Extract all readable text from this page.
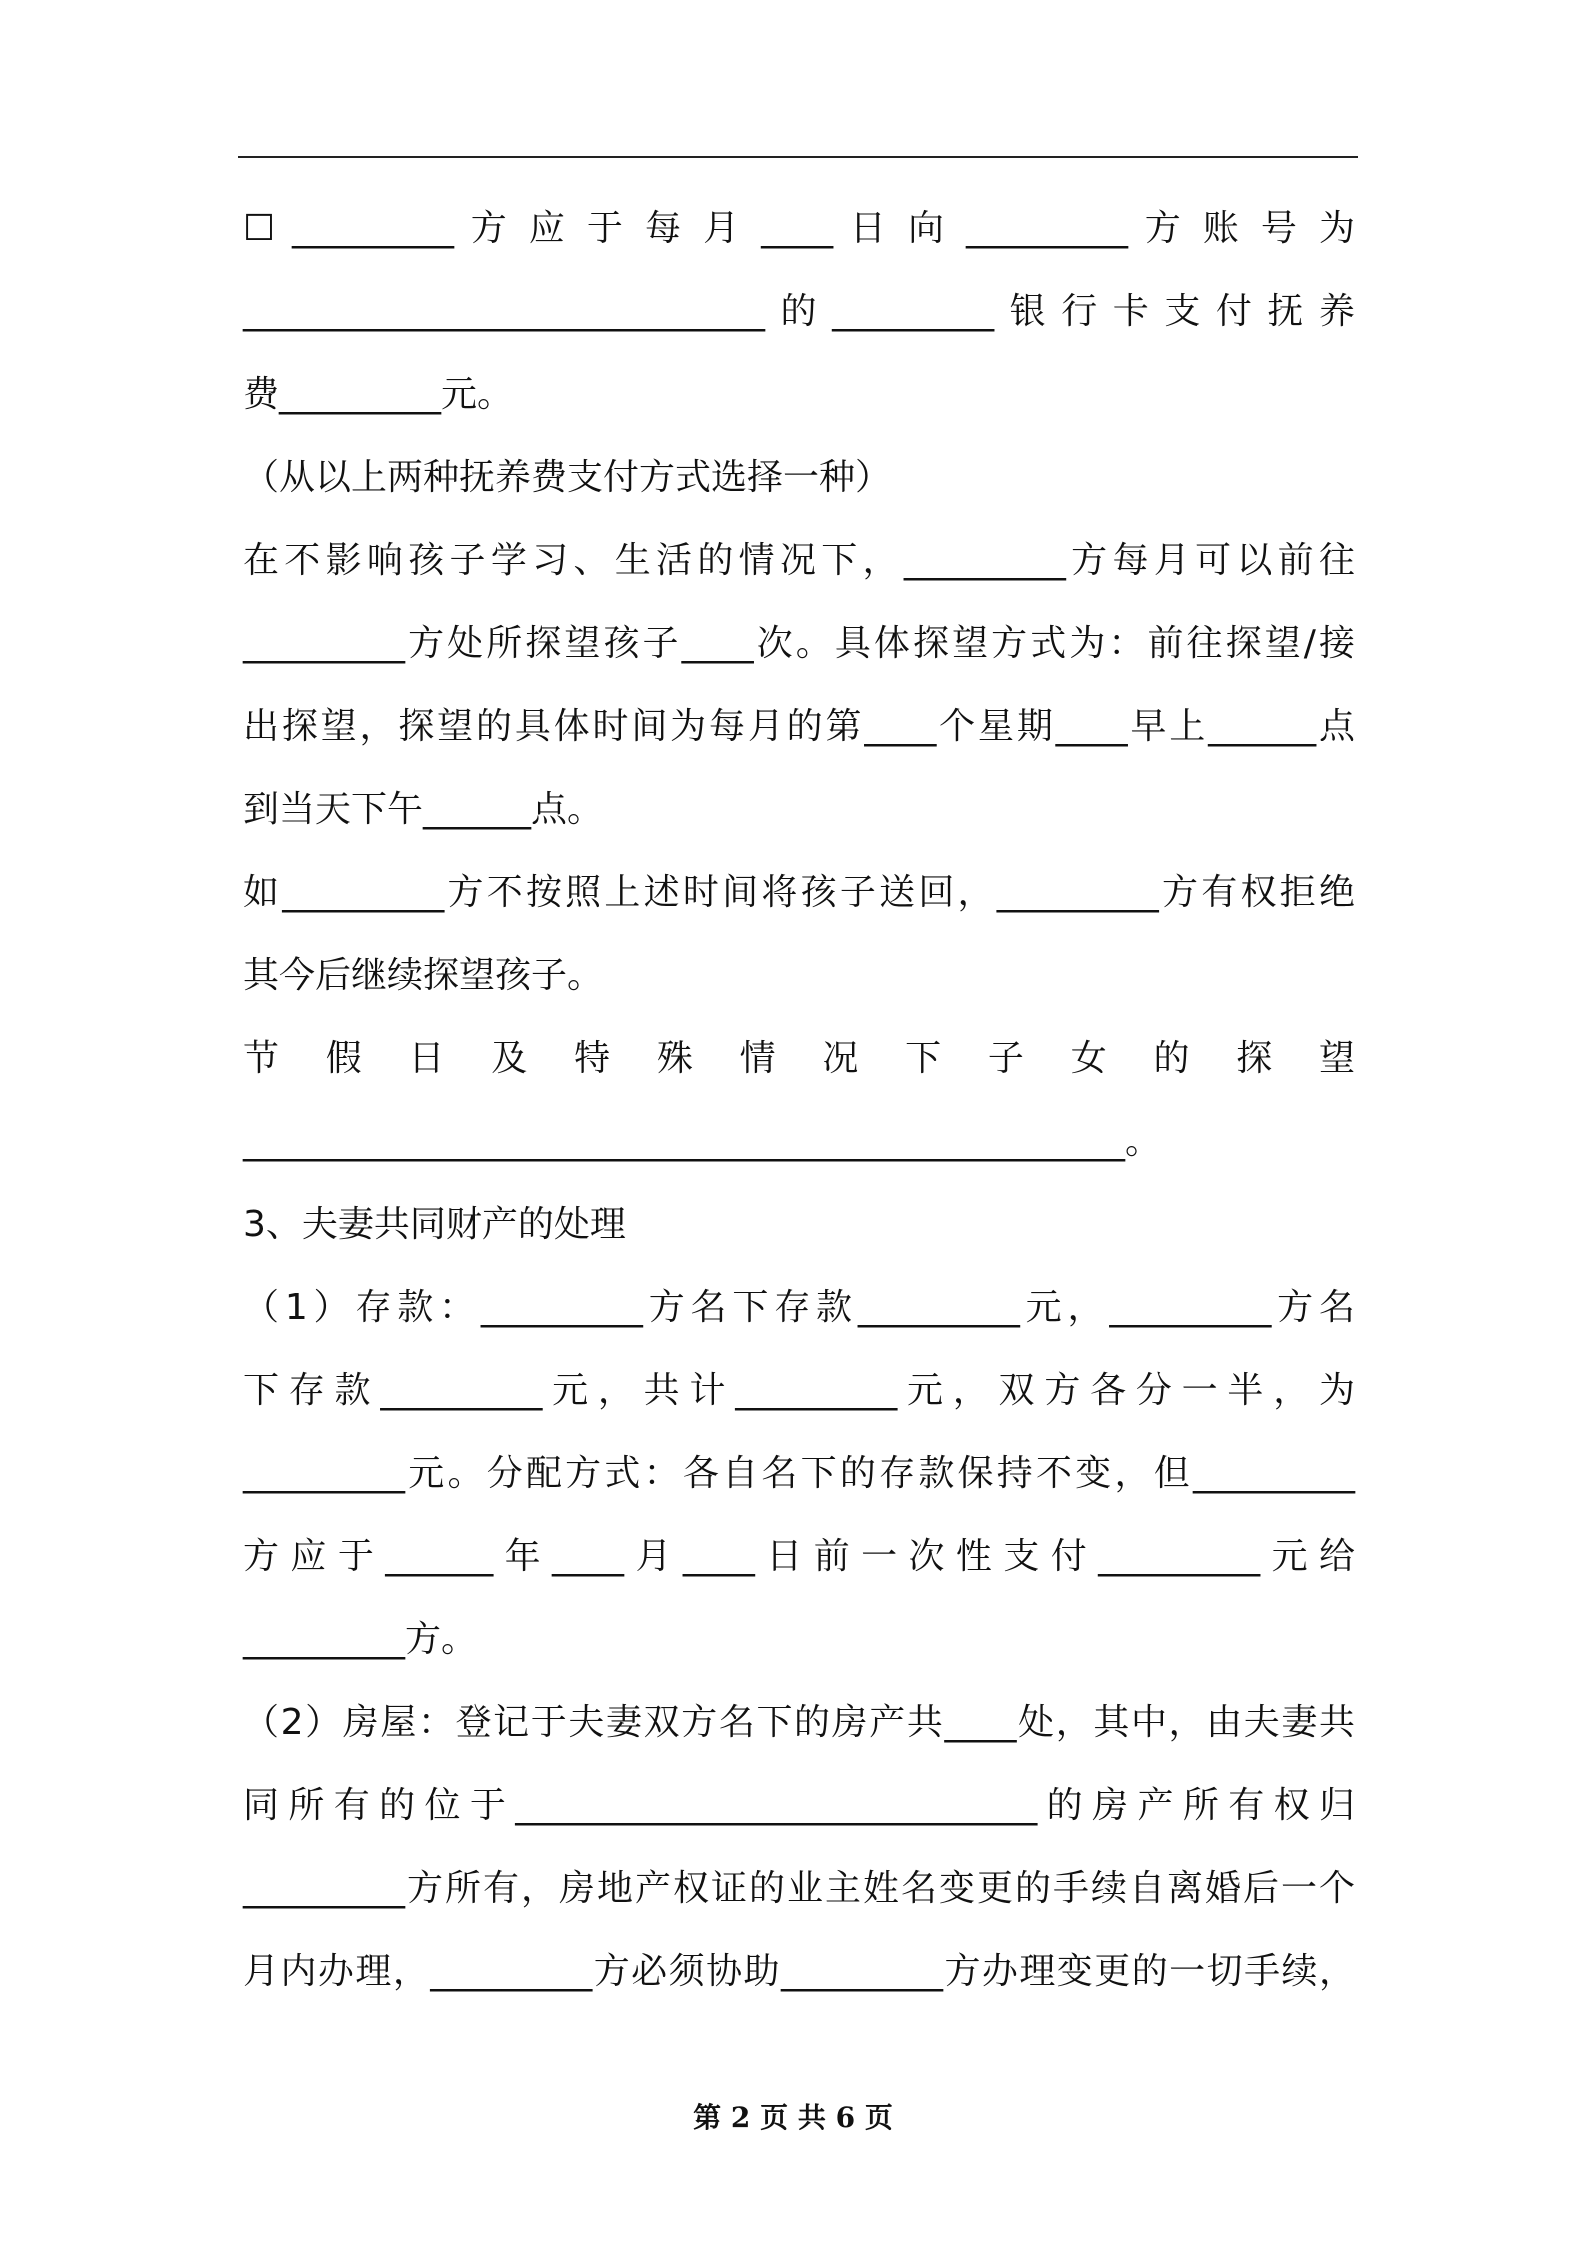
☐ _________ 方 应 于 每 月 ____ 日 向 _________ 方 账 号 为
_____________________________的_________银行卡支付抚养
费_________元。
（从以上两种抚养费支付方式选择一种）
在不影响孩子学习、生活的情况下，_________方每月可以前往
_________方处所探望孩子____次。具体探望方式为：前往探望/接
出探望，探望的具体时间为每月的第____个星期____早上______点
到当天下午______点。
如_________方不按照上述时间将孩子送回，_________方有权拒绝
其今后继续探望孩子。
节 假 日 及 特 殊 情 况 下 子 女 的 探 望
_________________________________________________。
3、夫妻共同财产的处理
（1）存款：_________方名下存款_________元，_________方名
下存款_________元，共计_________元，双方各分一半，为
_________元。分配方式：各自名下的存款保持不变，但_________
方应于______年____月____日前一次性支付_________元给
_________方。
（2）房屋：登记于夫妻双方名下的房产共____处，其中，由夫妻共
同所有的位于_____________________________的房产所有权归
_________方所有，房地产权证的业主姓名变更的手续自离婚后一个
月内办理，_________方必须协助_________方办理变更的一切手续，
第 2 页 共 6 页
